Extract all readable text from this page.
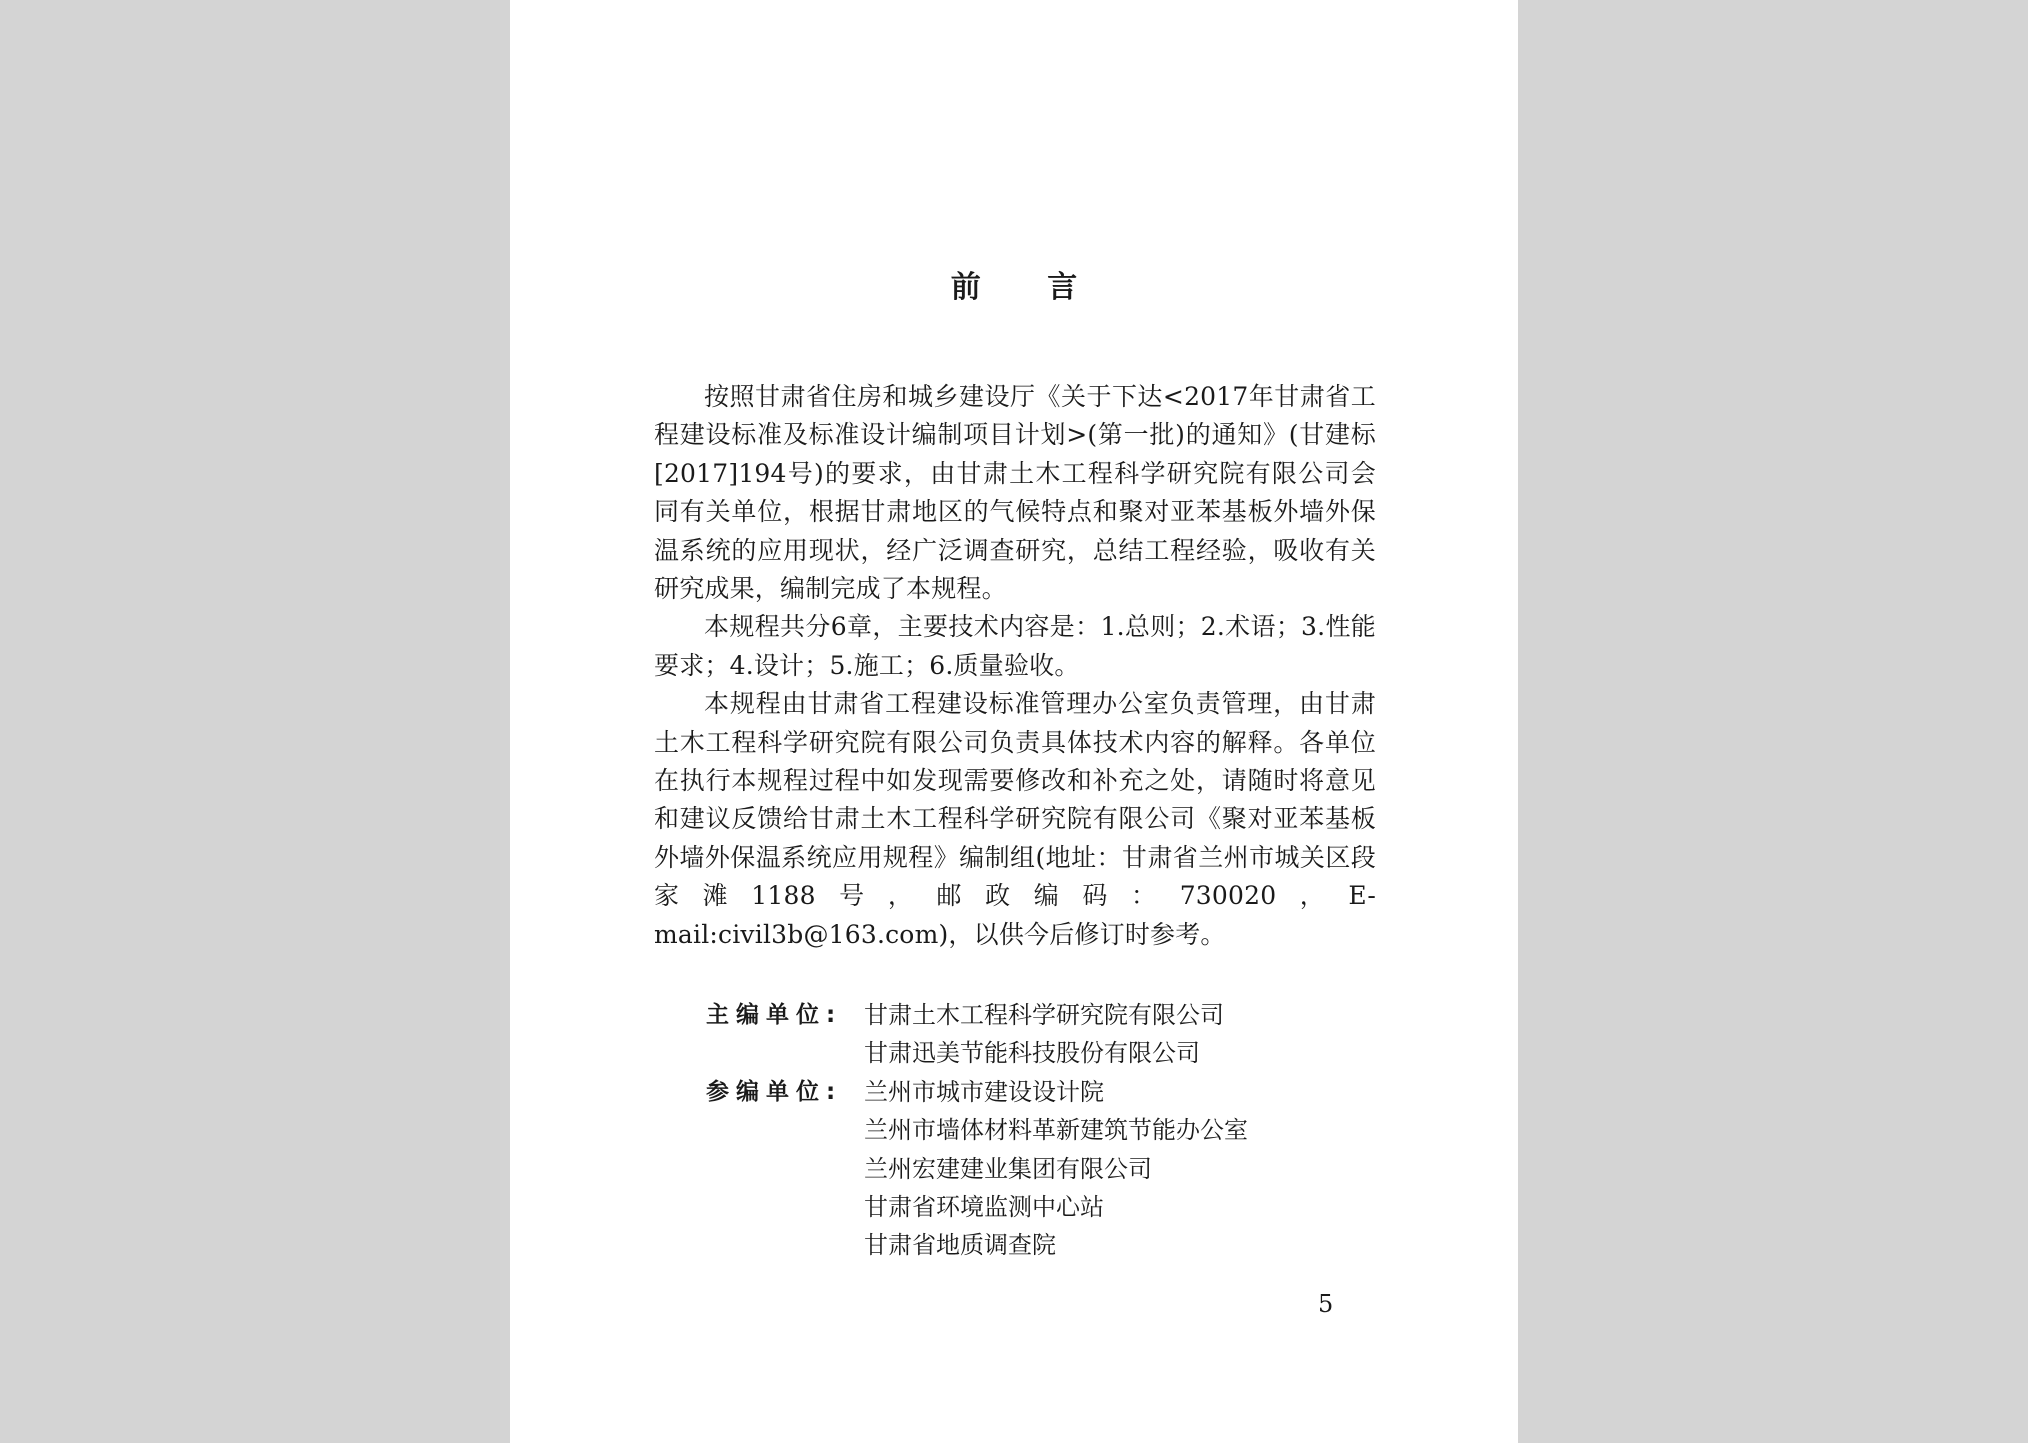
前 言

按照甘肃省住房和城乡建设厅《关于下达<2017年甘肃省工程建设标准及标准设计编制项目计划>(第一批)的通知》(甘建标[2017]194号)的要求，由甘肃土木工程科学研究院有限公司会同有关单位，根据甘肃地区的气候特点和聚对亚苯基板外墙外保温系统的应用现状，经广泛调查研究，总结工程经验，吸收有关研究成果，编制完成了本规程。

本规程共分6章，主要技术内容是：1.总则；2.术语；3.性能要求；4.设计；5.施工；6.质量验收。

本规程由甘肃省工程建设标准管理办公室负责管理，由甘肃土木工程科学研究院有限公司负责具体技术内容的解释。各单位在执行本规程过程中如发现需要修改和补充之处，请随时将意见和建议反馈给甘肃土木工程科学研究院有限公司《聚对亚苯基板外墙外保温系统应用规程》编制组(地址：甘肃省兰州市城关区段家滩1188号，邮政编码：730020，E-mail:civil3b@163.com)，以供今后修订时参考。

主编单位: 甘肃土木工程科学研究院有限公司
甘肃迅美节能科技股份有限公司
参编单位: 兰州市城市建设设计院
兰州市墙体材料革新建筑节能办公室
兰州宏建建业集团有限公司
甘肃省环境监测中心站
甘肃省地质调查院
5
